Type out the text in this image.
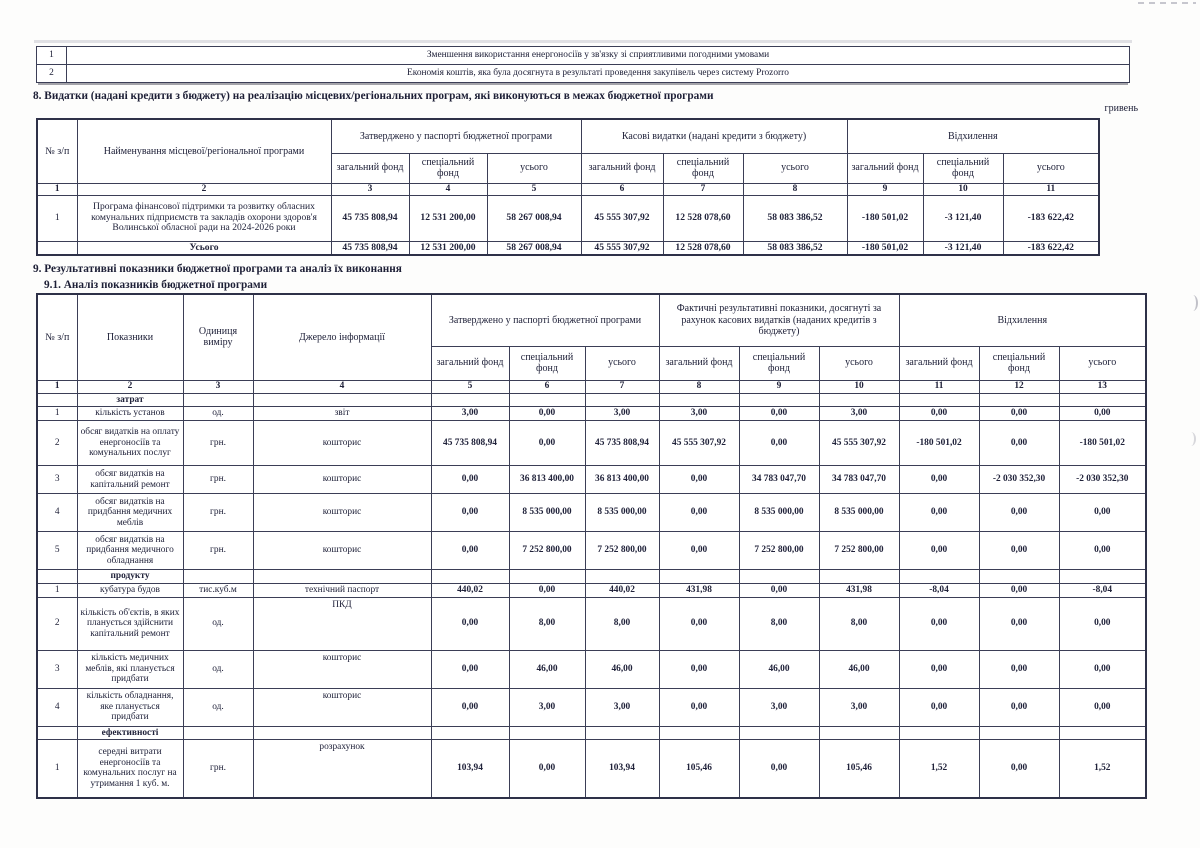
1	Зменшення використання енергоносіїв у зв'язку зі сприятливими погодними умовами
2	Економія коштів, яка була досягнута в результаті проведення закупівель через систему Prozorro
8. Видатки (надані кредити з бюджету) на реалізацію місцевих/регіональних програм, які виконуються в межах бюджетної програми
гривень
№ з/п	Найменування місцевої/регіональної програми	Затверджено у паспорті бюджетної програми			Касові видатки (надані кредити з бюджету)			Відхилення		
		загальний фонд	спеціальний фонд	усього	загальний фонд	спеціальний фонд	усього	загальний фонд	спеціальний фонд	усього
1	2	3	4	5	6	7	8	9	10	11
1	Програма фінансової підтримки та розвитку обласних комунальних підприємств та закладів охорони здоров'я Волинської обласної ради на 2024-2026 роки	45 735 808,94	12 531 200,00	58 267 008,94	45 555 307,92	12 528 078,60	58 083 386,52	-180 501,02	-3 121,40	-183 622,42
	Усього	45 735 808,94	12 531 200,00	58 267 008,94	45 555 307,92	12 528 078,60	58 083 386,52	-180 501,02	-3 121,40	-183 622,42
9. Результативні показники бюджетної програми та аналіз їх виконання
9.1. Аналіз показників бюджетної програми
№ з/п	Показники	Одиниця виміру	Джерело інформації	Затверджено у паспорті бюджетної програми			Фактичні результативні показники, досягнуті за рахунок касових видатків (наданих кредитів з бюджету)			Відхилення		
				загальний фонд	спеціальний фонд	усього	загальний фонд	спеціальний фонд	усього	загальний фонд	спеціальний фонд	усього
1	2	3	4	5	6	7	8	9	10	11	12	13
	затрат											
1	кількість установ	од.	звіт	3,00	0,00	3,00	3,00	0,00	3,00	0,00	0,00	0,00
2	обсяг видатків на оплату енергоносіїв та комунальних послуг	грн.	кошторис	45 735 808,94	0,00	45 735 808,94	45 555 307,92	0,00	45 555 307,92	-180 501,02	0,00	-180 501,02
3	обсяг видатків на капітальний ремонт	грн.	кошторис	0,00	36 813 400,00	36 813 400,00	0,00	34 783 047,70	34 783 047,70	0,00	-2 030 352,30	-2 030 352,30
4	обсяг видатків на придбання медичних меблів	грн.	кошторис	0,00	8 535 000,00	8 535 000,00	0,00	8 535 000,00	8 535 000,00	0,00	0,00	0,00
5	обсяг видатків на придбання медичного обладнання	грн.	кошторис	0,00	7 252 800,00	7 252 800,00	0,00	7 252 800,00	7 252 800,00	0,00	0,00	0,00
	продукту											
1	кубатура будов	тис.куб.м	технічний паспорт	440,02	0,00	440,02	431,98	0,00	431,98	-8,04	0,00	-8,04
2	кількість об'єктів, в яких планується здійснити капітальний ремонт	од.	ПКД	0,00	8,00	8,00	0,00	8,00	8,00	0,00	0,00	0,00
3	кількість медичних меблів, які планується придбати	од.	кошторис	0,00	46,00	46,00	0,00	46,00	46,00	0,00	0,00	0,00
4	кількість обладнання, яке планується придбати	од.	кошторис	0,00	3,00	3,00	0,00	3,00	3,00	0,00	0,00	0,00
	ефективності											
1	середні витрати енергоносіїв та комунальних послуг на утримання 1 куб. м.	грн.	розрахунок	103,94	0,00	103,94	105,46	0,00	105,46	1,52	0,00	1,52
